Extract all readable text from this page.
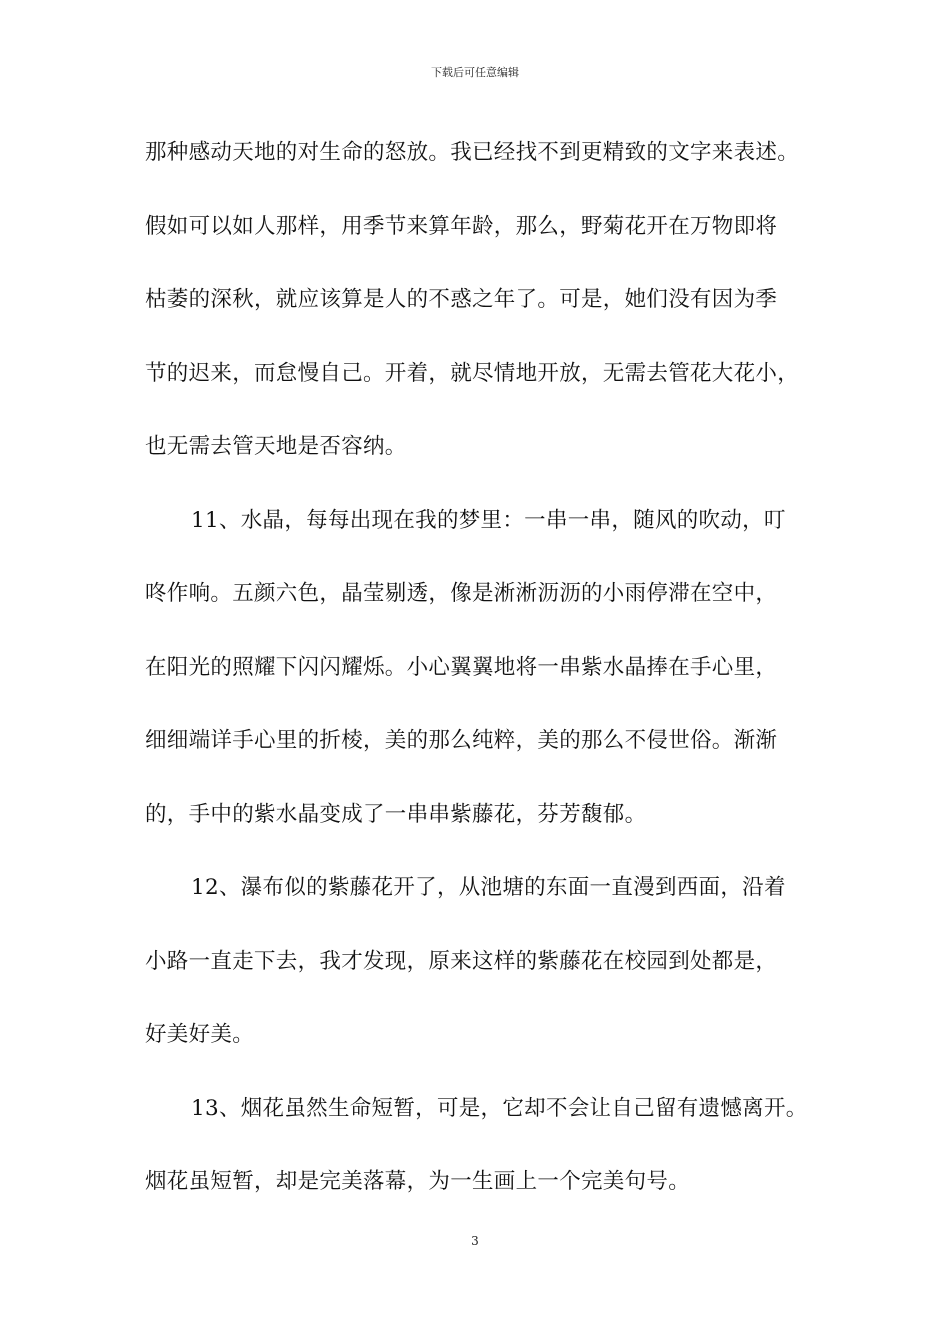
下载后可任意编辑
那种感动天地的对生命的怒放。我已经找不到更精致的文字来表述。
假如可以如人那样，用季节来算年龄，那么，野菊花开在万物即将
枯萎的深秋，就应该算是人的不惑之年了。可是，她们没有因为季
节的迟来，而怠慢自己。开着，就尽情地开放，无需去管花大花小，
也无需去管天地是否容纳。
11、水晶，每每出现在我的梦里：一串一串，随风的吹动，叮
咚作响。五颜六色，晶莹剔透，像是淅淅沥沥的小雨停滞在空中，
在阳光的照耀下闪闪耀烁。小心翼翼地将一串紫水晶捧在手心里，
细细端详手心里的折棱，美的那么纯粹，美的那么不侵世俗。渐渐
的，手中的紫水晶变成了一串串紫藤花，芬芳馥郁。
12、瀑布似的紫藤花开了，从池塘的东面一直漫到西面，沿着
小路一直走下去，我才发现，原来这样的紫藤花在校园到处都是，
好美好美。
13、烟花虽然生命短暂，可是，它却不会让自己留有遗憾离开。
烟花虽短暂，却是完美落幕，为一生画上一个完美句号。
3
